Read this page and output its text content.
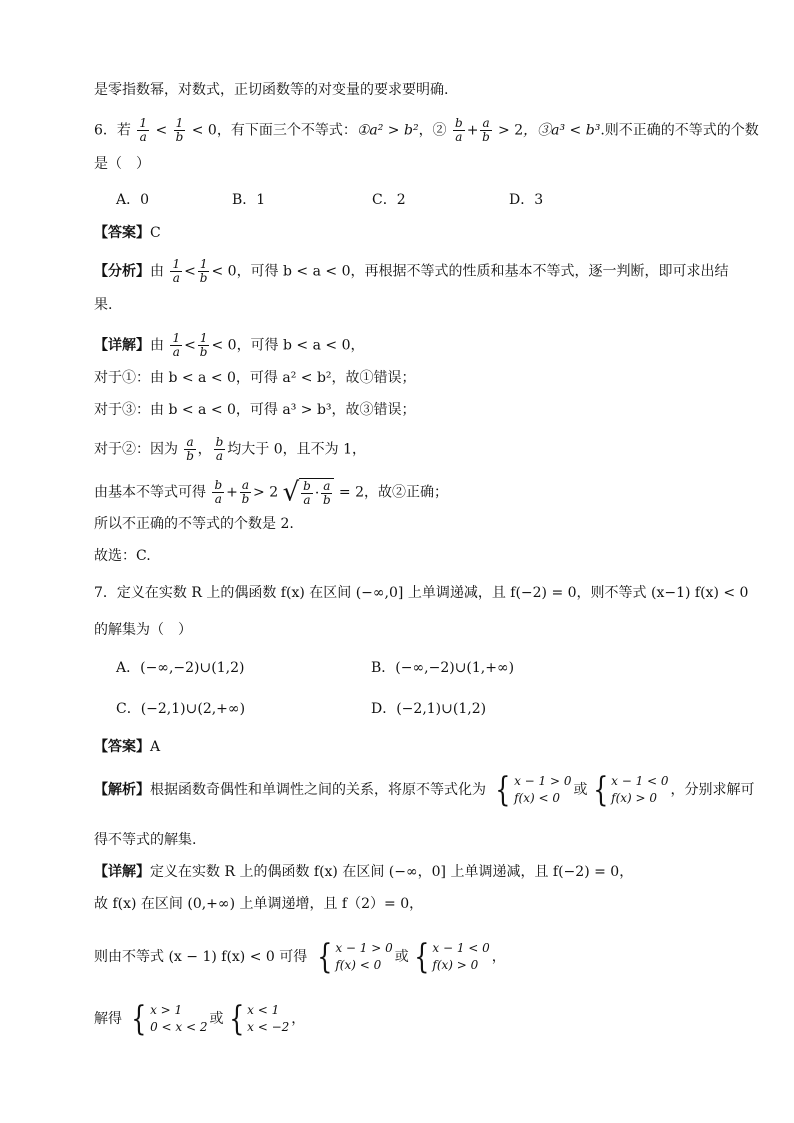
是零指数幂，对数式，正切函数等的对变量的要求要明确.
6．若 $\frac{1}{a} < \frac{1}{b} < 0$，有下面三个不等式：①a² > b²，② $\frac{b}{a} + \frac{a}{b} > 2$，③a³ < b³.则不正确的不等式的个数
是（　）
A．0	B．1	C．2	D．3
【答案】C
【分析】由 $\frac{1}{a} < \frac{1}{b} < 0$，可得 b < a < 0，再根据不等式的性质和基本不等式，逐一判断，即可求出结
果.
【详解】由 $\frac{1}{a} < \frac{1}{b} < 0$，可得 b < a < 0，
对于①：由 b < a < 0，可得 a² < b²，故①错误；
对于③：由 b < a < 0，可得 a³ > b³，故③错误；
对于②：因为 $\frac{a}{b}$ ， $\frac{b}{a}$ 均大于 0，且不为 1，
由基本不等式可得 $\frac{b}{a} + \frac{a}{b} > 2$ √ $\frac{b}{a} \cdot \frac{a}{b} = 2$，故②正确；
所以不正确的不等式的个数是 2.
故选：C.
7．定义在实数 R 上的偶函数 f(x) 在区间 (−∞,0] 上单调递减，且 f(−2) = 0，则不等式 (x−1) f(x) < 0
的解集为（　）
A．(−∞,−2)∪(1,2)	B．(−∞,−2)∪(1,+∞)
C．(−2,1)∪(2,+∞)	D．(−2,1)∪(1,2)
【答案】A
【解析】根据函数奇偶性和单调性之间的关系，将原不等式化为 { x − 1 > 0
f(x) < 0 或 { x − 1 < 0
f(x) > 0 ，分别求解可
得不等式的解集.
【详解】定义在实数 R 上的偶函数 f(x) 在区间 (−∞，0] 上单调递减，且 f(−2) = 0，
故 f(x) 在区间 (0,+∞) 上单调递增，且 f（2）= 0，
则由不等式 (x − 1) f(x) < 0 可得 { x − 1 > 0
f(x) < 0 或 { x − 1 < 0
f(x) > 0 ，
解得 { x > 1
0 < x < 2 或 { x < 1
x < −2 ，
